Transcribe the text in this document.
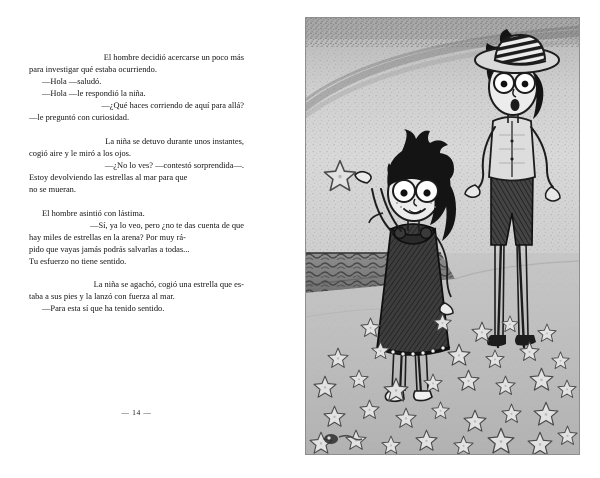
El hombre decidió acercarse un poco más
para investigar qué estaba ocurriendo.
—Hola —saludó.
—Hola —le respondió la niña.
—¿Qué haces corriendo de aquí para allá?
—le preguntó con curiosidad.

La niña se detuvo durante unos instantes,
cogió aire y le miró a los ojos.
—¿No lo ves? —contestó sorprendida—.
Estoy devolviendo las estrellas al mar para que
no se mueran.

El hombre asintió con lástima.
—Sí, ya lo veo, pero ¿no te das cuenta de que
hay miles de estrellas en la arena? Por muy rá-
pido que vayas jamás podrás salvarlas a todas...
Tu esfuerzo no tiene sentido.

La niña se agachó, cogió una estrella que es-
taba a sus pies y la lanzó con fuerza al mar.
—Para esta sí que ha tenido sentido.

— 14 —
